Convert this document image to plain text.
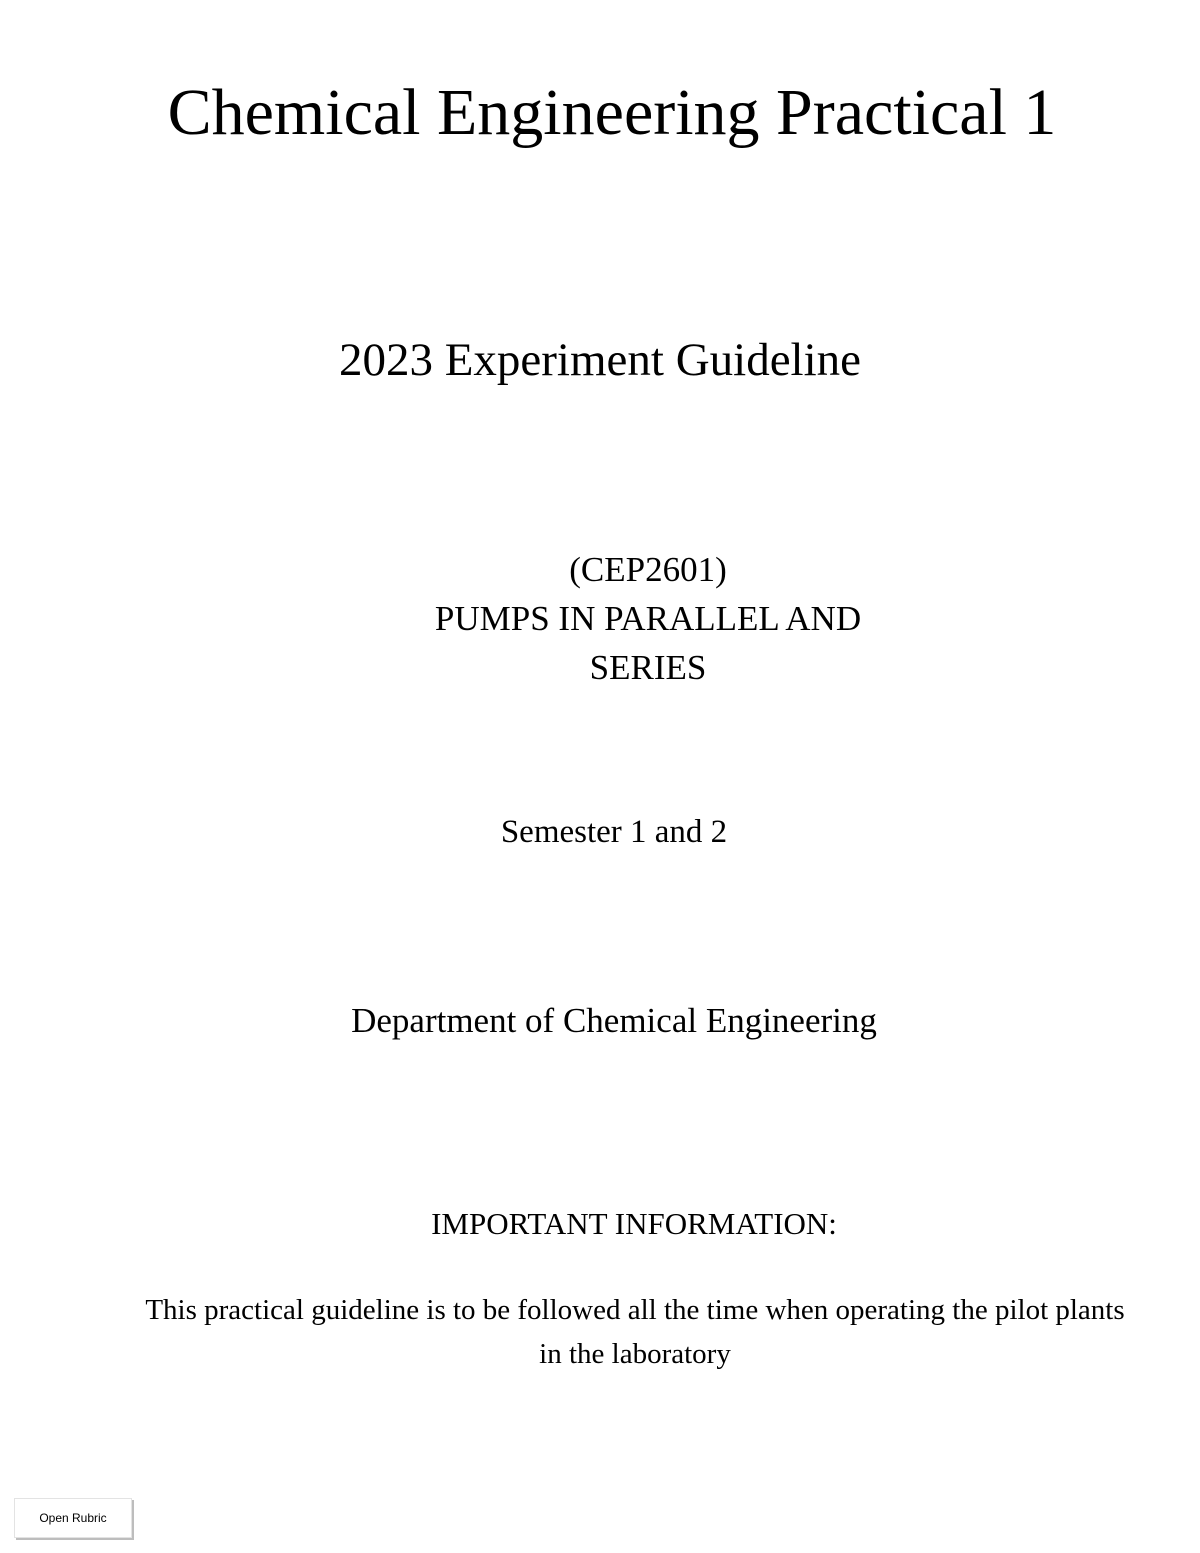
Chemical Engineering Practical 1
2023 Experiment Guideline
(CEP2601)
PUMPS IN PARALLEL AND
SERIES
Semester 1 and 2
Department of Chemical Engineering
IMPORTANT INFORMATION:
This practical guideline is to be followed all the time when operating the pilot plants
in the laboratory
Open Rubric
